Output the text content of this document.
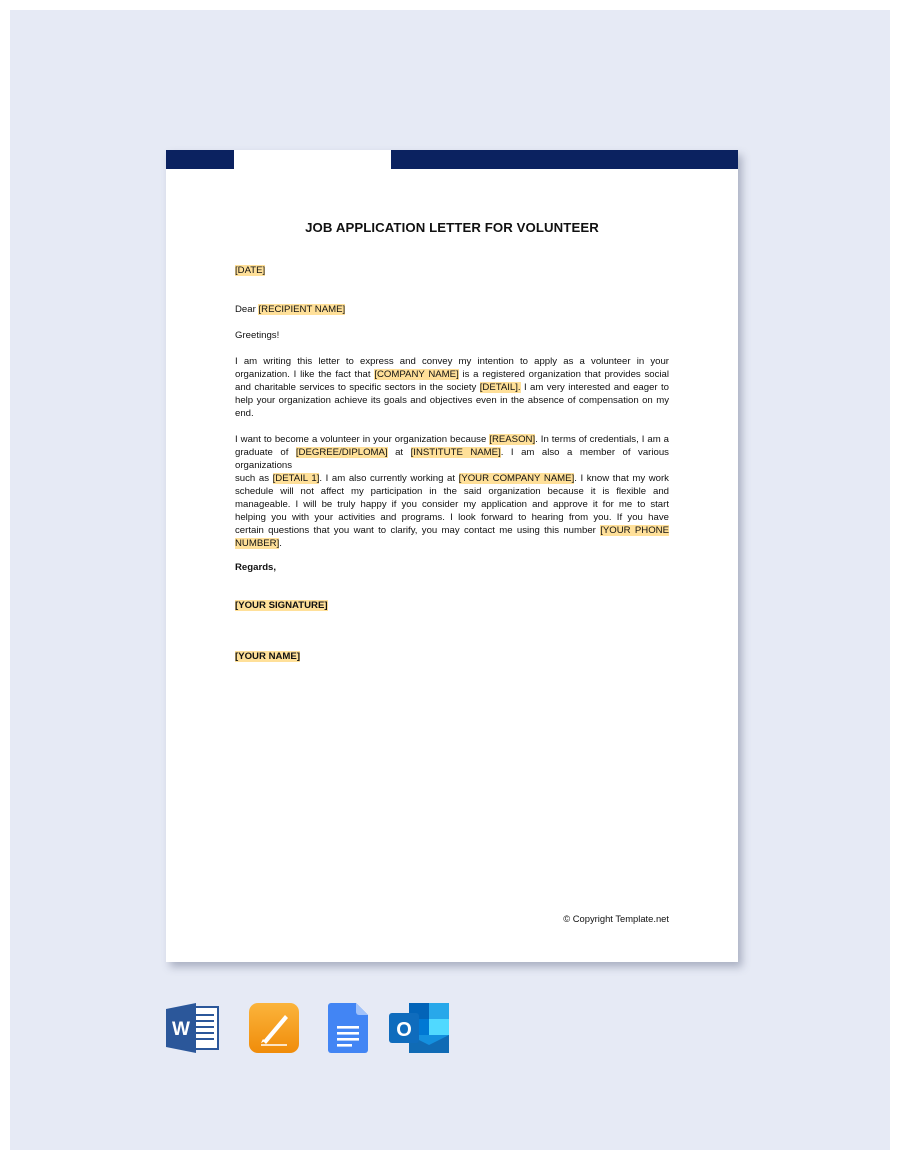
JOB APPLICATION LETTER FOR VOLUNTEER
[DATE]
Dear [RECIPIENT NAME]
Greetings!
I am writing this letter to express and convey my intention to apply as a volunteer in your
organization. I like the fact that [COMPANY NAME] is a registered organization that provides social
and charitable services to specific sectors in the society [DETAIL]. I am very interested and eager to
help your organization achieve its goals and objectives even in the absence of compensation on my
end.
I want to become a volunteer in your organization because [REASON]. In terms of credentials, I am a
graduate of [DEGREE/DIPLOMA] at [INSTITUTE NAME]. I am also a member of various organizations
such as [DETAIL 1]. I am also currently working at [YOUR COMPANY NAME]. I know that my work
schedule will not affect my participation in the said organization because it is flexible and
manageable. I will be truly happy if you consider my application and approve it for me to start
helping you with your activities and programs. I look forward to hearing from you. If you have
certain questions that you want to clarify, you may contact me using this number [YOUR PHONE
NUMBER].
Regards,
[YOUR SIGNATURE]
[YOUR NAME]
© Copyright Template.net
W	O
